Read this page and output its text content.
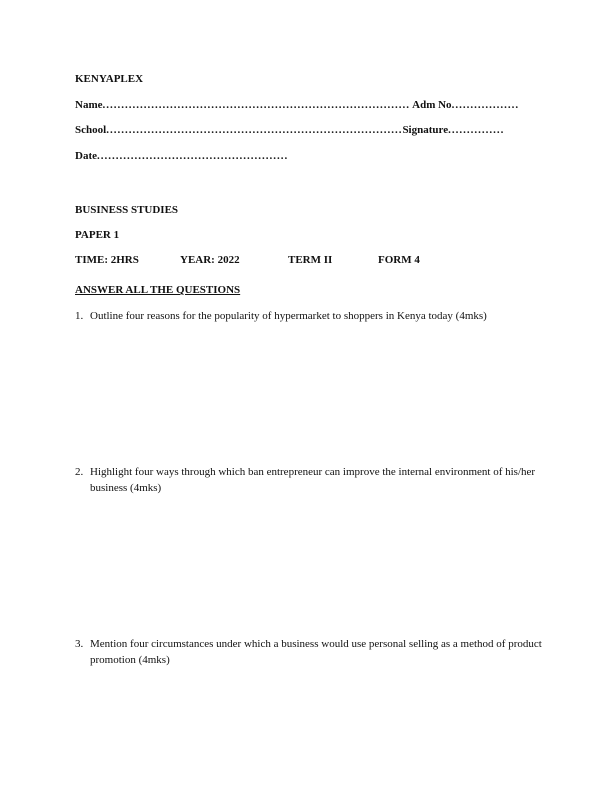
KENYAPLEX
Name.................................................................................. Adm No..................
School...............................................................................Signature...............
Date...................................................
BUSINESS STUDIES
PAPER 1
TIME: 2HRS	YEAR: 2022	TERM II	FORM 4
ANSWER ALL THE QUESTIONS
1. Outline four reasons for the popularity of hypermarket to shoppers in Kenya today (4mks)
2. Highlight four ways through which ban entrepreneur can improve the internal environment of his/her business (4mks)
3. Mention four circumstances under which a business would use personal selling as a method of product promotion (4mks)
